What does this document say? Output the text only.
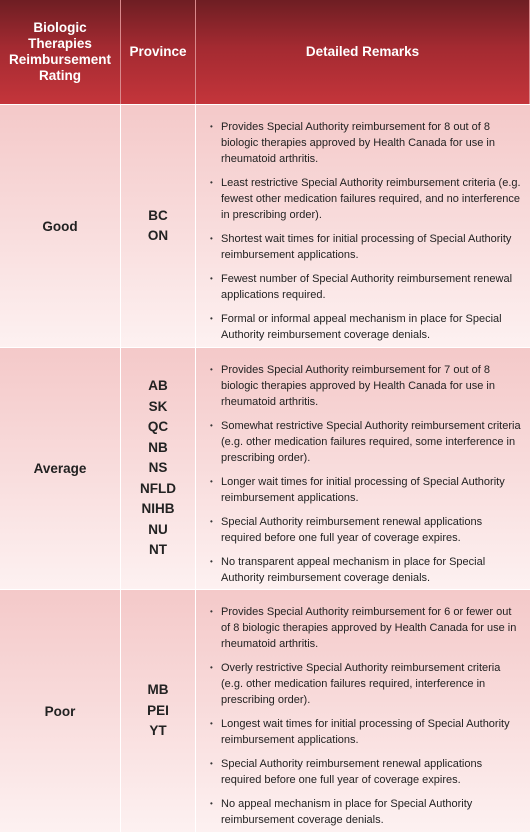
Biologic
Therapies
Reimbursement
Rating
Province	Detailed Remarks
Good
BC
ON
• Provides Special Authority reimbursement for 8 out of 8 biologic therapies approved by Health Canada for use in rheumatoid arthritis.
• Least restrictive Special Authority reimbursement criteria (e.g. fewest other medication failures required, and no interference in prescribing order).
• Shortest wait times for initial processing of Special Authority reimbursement applications.
• Fewest number of Special Authority reimbursement renewal applications required.
• Formal or informal appeal mechanism in place for Special Authority reimbursement coverage denials.
Average
AB
SK
QC
NB
NS
NFLD
NIHB
NU
NT
• Provides Special Authority reimbursement for 7 out of 8 biologic therapies approved by Health Canada for use in rheumatoid arthritis.
• Somewhat restrictive Special Authority reimbursement criteria (e.g. other medication failures required, some interference in prescribing order).
• Longer wait times for initial processing of Special Authority reimbursement applications.
• Special Authority reimbursement renewal applications required before one full year of coverage expires.
• No transparent appeal mechanism in place for Special Authority reimbursement coverage denials.
Poor
MB
PEI
YT
• Provides Special Authority reimbursement for 6 or fewer out of 8 biologic therapies approved by Health Canada for use in rheumatoid arthritis.
• Overly restrictive Special Authority reimbursement criteria (e.g. other medication failures required, interference in prescribing order).
• Longest wait times for initial processing of Special Authority reimbursement applications.
• Special Authority reimbursement renewal applications required before one full year of coverage expires.
• No appeal mechanism in place for Special Authority reimbursement coverage denials.
